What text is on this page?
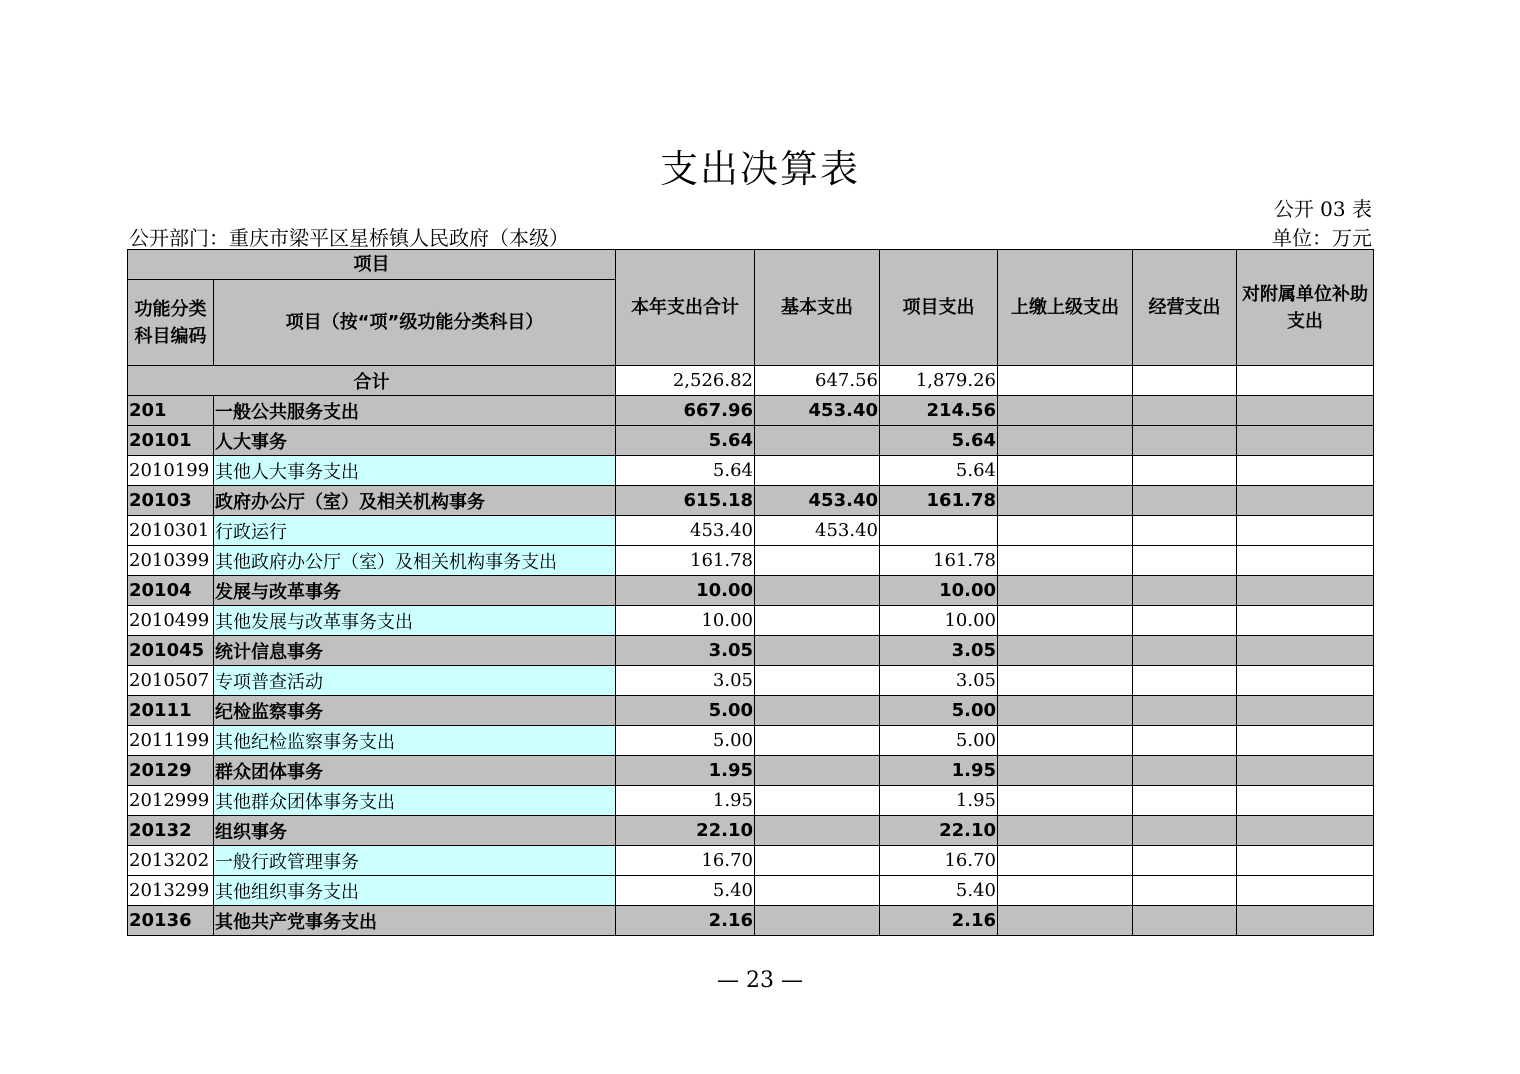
支出决算表
公开 03 表
公开部门：重庆市梁平区星桥镇人民政府（本级）	单位：万元
项目		本年支出合计	基本支出	项目支出	上缴上级支出	经营支出	对附属单位补助支出
功能分类科目编码	项目（按“项”级功能分类科目）						
合计		2,526.82	647.56	1,879.26			
201	一般公共服务支出	667.96	453.40	214.56			
20101	人大事务	5.64		5.64			
2010199	其他人大事务支出	5.64		5.64			
20103	政府办公厅（室）及相关机构事务	615.18	453.40	161.78			
2010301	行政运行	453.40	453.40				
2010399	其他政府办公厅（室）及相关机构事务支出	161.78		161.78			
20104	发展与改革事务	10.00		10.00			
2010499	其他发展与改革事务支出	10.00		10.00			
201045	统计信息事务	3.05		3.05			
2010507	专项普查活动	3.05		3.05			
20111	纪检监察事务	5.00		5.00			
2011199	其他纪检监察事务支出	5.00		5.00			
20129	群众团体事务	1.95		1.95			
2012999	其他群众团体事务支出	1.95		1.95			
20132	组织事务	22.10		22.10			
2013202	一般行政管理事务	16.70		16.70			
2013299	其他组织事务支出	5.40		5.40			
20136	其他共产党事务支出	2.16		2.16			
— 23 —
